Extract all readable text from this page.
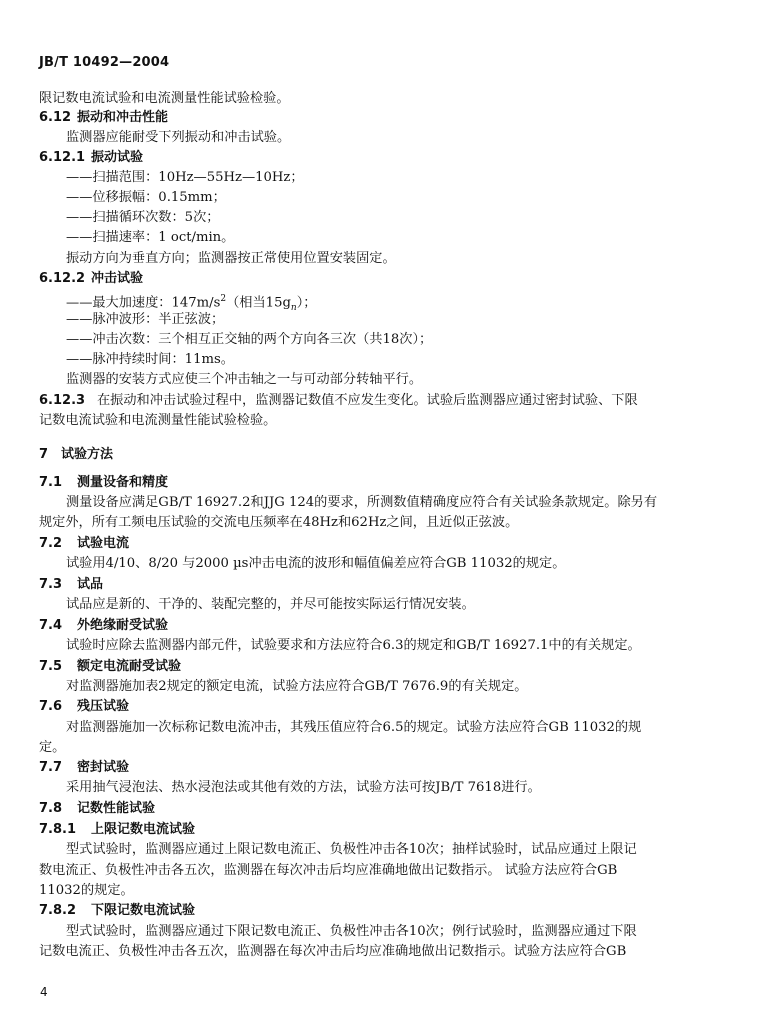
JB/T 10492—2004
限记数电流试验和电流测量性能试验检验。
6.12 振动和冲击性能
监测器应能耐受下列振动和冲击试验。
6.12.1 振动试验
——扫描范围：10Hz—55Hz—10Hz；
——位移振幅：0.15mm；
——扫描循环次数：5次；
——扫描速率：1 oct/min。
振动方向为垂直方向；监测器按正常使用位置安装固定。
6.12.2 冲击试验
——最大加速度：$147m/s^2$（相当$15g_n$）；
——脉冲波形：半正弦波；
——冲击次数：三个相互正交轴的两个方向各三次（共18次）；
——脉冲持续时间：11ms。
监测器的安装方式应使三个冲击轴之一与可动部分转轴平行。
6.12.3 在振动和冲击试验过程中，监测器记数值不应发生变化。试验后监测器应通过密封试验、下限
记数电流试验和电流测量性能试验检验。
7 试验方法
7.1 测量设备和精度
测量设备应满足GB/T 16927.2和JJG 124的要求，所测数值精确度应符合有关试验条款规定。除另有
规定外，所有工频电压试验的交流电压频率在48Hz和62Hz之间，且近似正弦波。
7.2 试验电流
试验用4/10、8/20 与2000 µs冲击电流的波形和幅值偏差应符合GB 11032的规定。
7.3 试品
试品应是新的、干净的、装配完整的，并尽可能按实际运行情况安装。
7.4 外绝缘耐受试验
试验时应除去监测器内部元件，试验要求和方法应符合6.3的规定和GB/T 16927.1中的有关规定。
7.5 额定电流耐受试验
对监测器施加表2规定的额定电流，试验方法应符合GB/T 7676.9的有关规定。
7.6 残压试验
对监测器施加一次标称记数电流冲击，其残压值应符合6.5的规定。试验方法应符合GB 11032的规
定。
7.7 密封试验
采用抽气浸泡法、热水浸泡法或其他有效的方法，试验方法可按JB/T 7618进行。
7.8 记数性能试验
7.8.1 上限记数电流试验
型式试验时，监测器应通过上限记数电流正、负极性冲击各10次；抽样试验时，试品应通过上限记
数电流正、负极性冲击各五次，监测器在每次冲击后均应准确地做出记数指示。 试验方法应符合GB
11032的规定。
7.8.2 下限记数电流试验
型式试验时，监测器应通过下限记数电流正、负极性冲击各10次；例行试验时，监测器应通过下限
记数电流正、负极性冲击各五次，监测器在每次冲击后均应准确地做出记数指示。试验方法应符合GB
4
